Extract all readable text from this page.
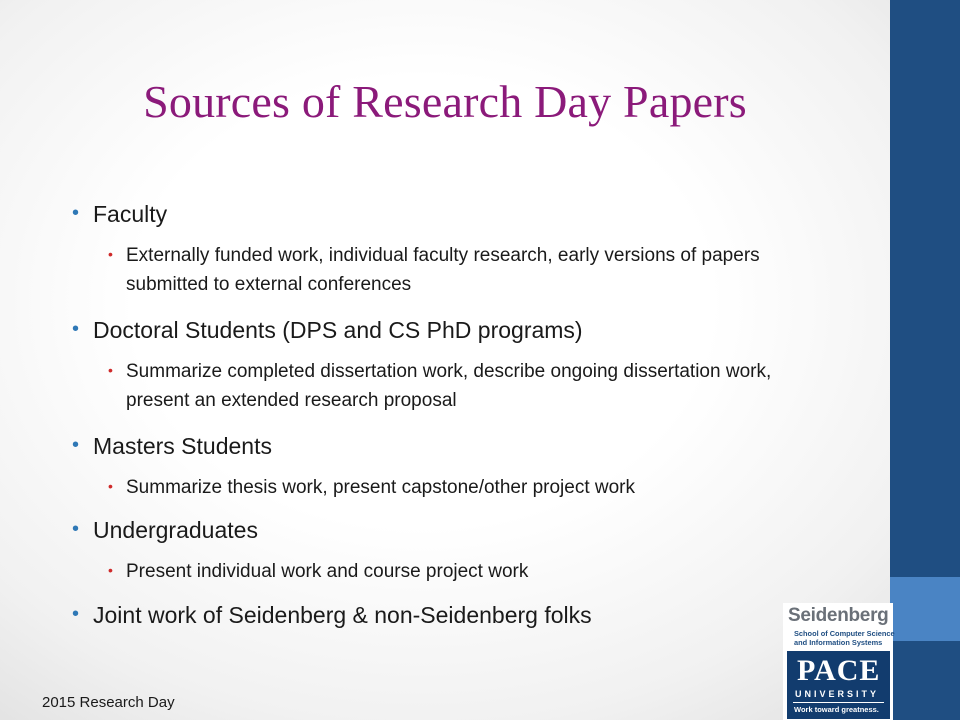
Sources of Research Day Papers
• Faculty
• Externally funded work, individual faculty research, early versions of papers submitted to external conferences
• Doctoral Students (DPS and CS PhD programs)
• Summarize completed dissertation work, describe ongoing dissertation work, present an extended research proposal
• Masters Students
• Summarize thesis work, present capstone/other project work
• Undergraduates
• Present individual work and course project work
• Joint work of Seidenberg & non-Seidenberg folks
2015 Research Day
Seidenberg
School of Computer Science
and Information Systems
PACE
UNIVERSITY
Work toward greatness.
